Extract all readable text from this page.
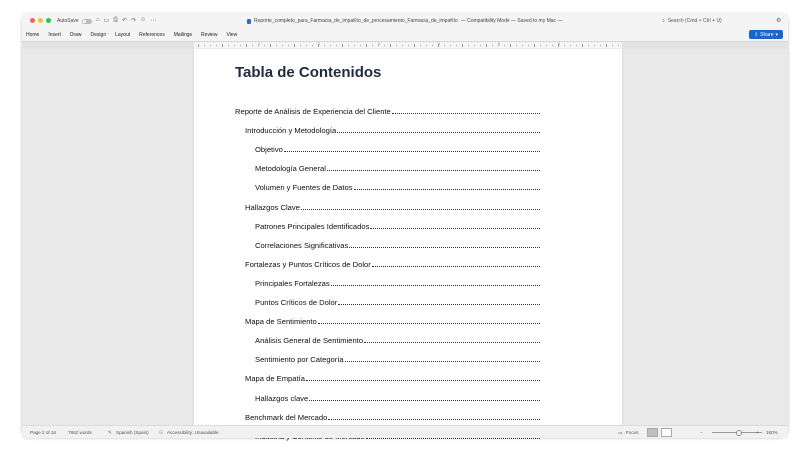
AutoSave	⌂ ▭ ⎙ ↶ ↷ ☺ ⋯	Reporte_completo_para_Farmacia_de_impaKto_de_procesamiento_Farmacia_de_impaKto — Compatibility Mode — Saved to my Mac —	⌕ Search (Cmd + Ctrl + U)	⚙
Home Insert Draw Design Layout References Mailings Review View	⇪ Share ▾
1	2	3	4	5	6
Tabla de Contenidos
Reporte de Análisis de Experiencia del Cliente
Introducción y Metodología
Objetivo
Metodología General
Volumen y Fuentes de Datos
Hallazgos Clave
Patrones Principales Identificados
Correlaciones Significativas
Fortalezas y Puntos Críticos de Dolor
Principales Fortalezas
Puntos Críticos de Dolor
Mapa de Sentimiento
Análisis General de Sentimiento
Sentimiento por Categoría
Mapa de Empatía
Hallazgos clave
Benchmark del Mercado
Page 2 of 34	7862 words	✎ Spanish (Spain) ⚇ Accessibility: Unavailable	▭ Focus	−	+ 180%
